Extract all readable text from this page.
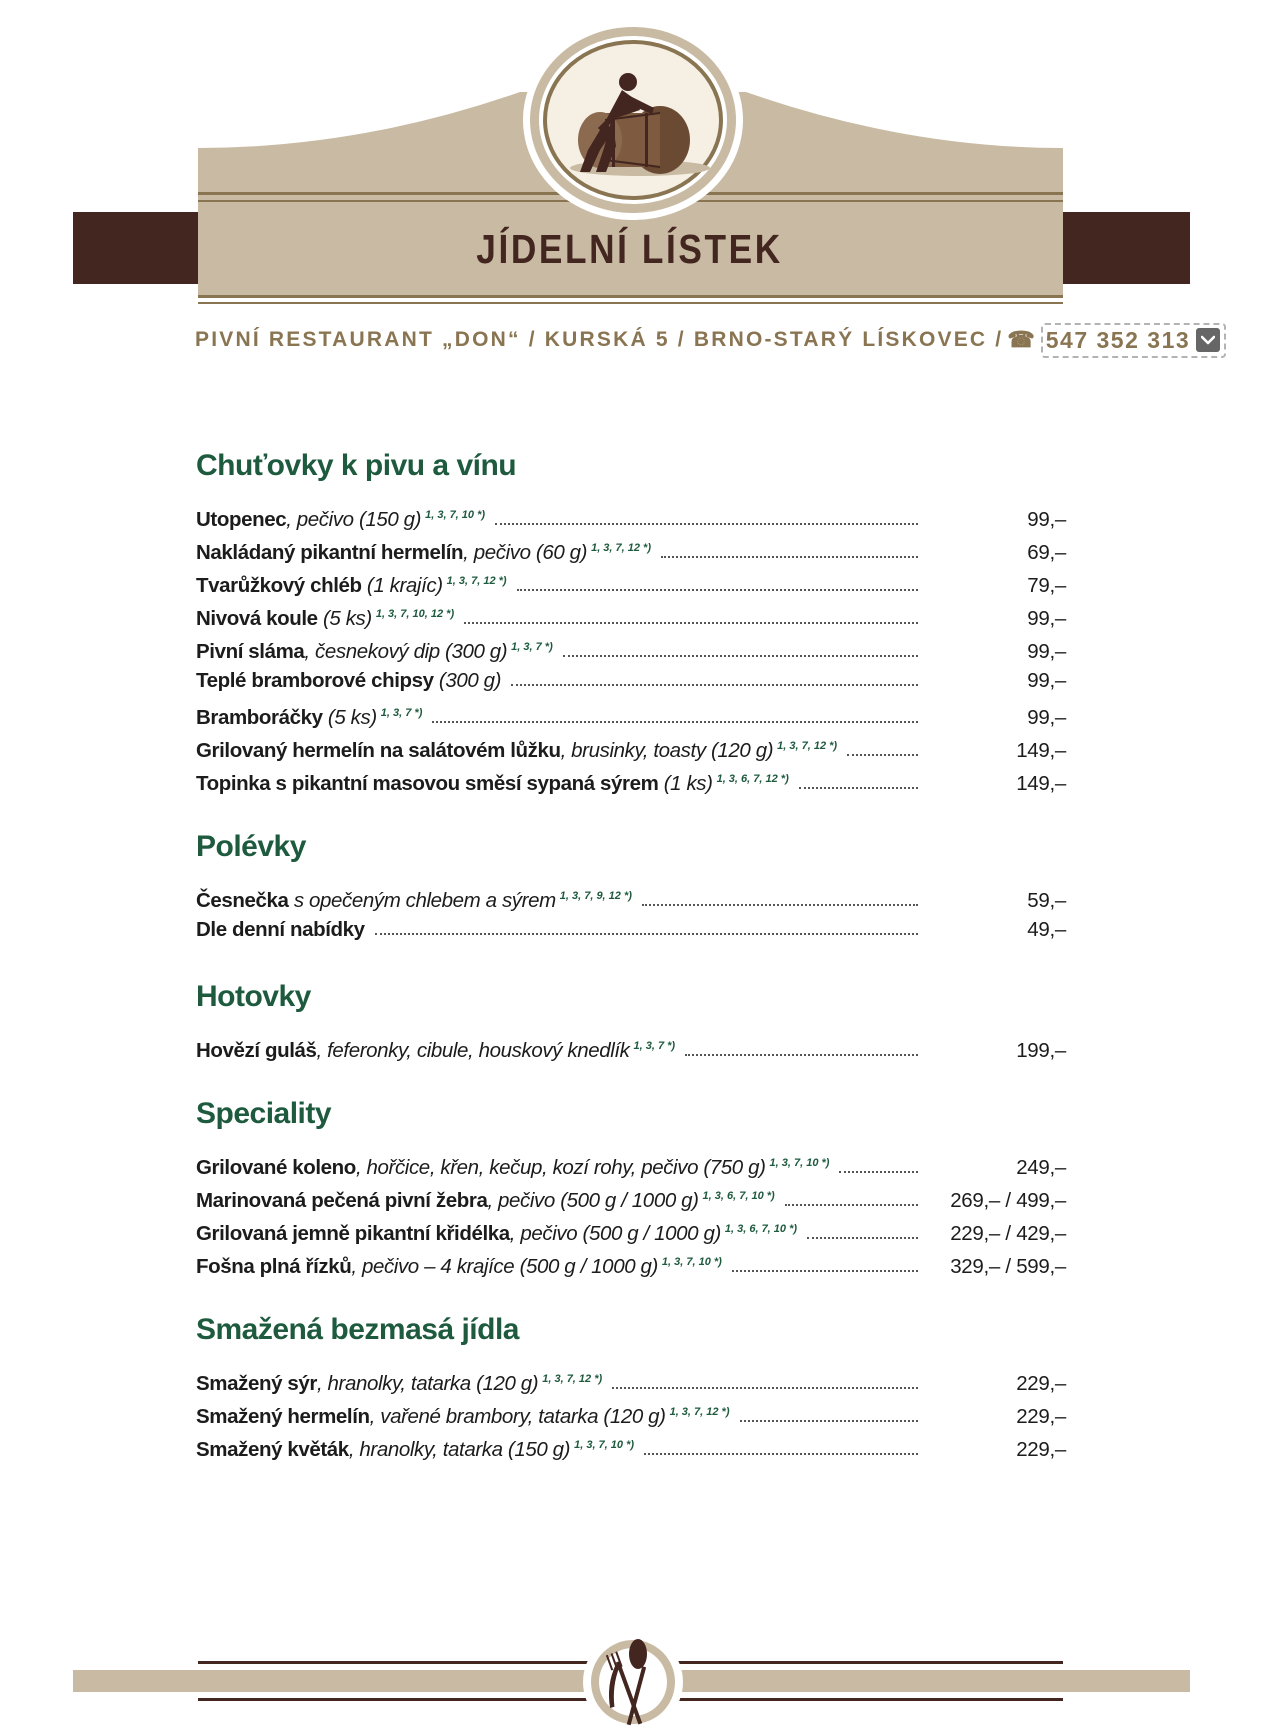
JÍDELNÍ LÍSTEK
PIVNÍ RESTAURANT „DON“ / KURSKÁ 5 / BRNO-STARÝ LÍSKOVEC / ☎ 547 352 313
Chuťovky k pivu a vínu
Utopenec, pečivo (150 g) $^{1, 3, 7, 10 *)}$	99,–
Nakládaný pikantní hermelín, pečivo (60 g) $^{1, 3, 7, 12 *)}$	69,–
Tvarůžkový chléb (1 krajíc) $^{1, 3, 7, 12 *)}$	79,–
Nivová koule (5 ks) $^{1, 3, 7, 10, 12 *)}$	99,–
Pivní sláma, česnekový dip (300 g) $^{1, 3, 7 *)}$	99,–
Teplé bramborové chipsy (300 g)	99,–
Bramboráčky (5 ks) $^{1, 3, 7 *)}$	99,–
Grilovaný hermelín na salátovém lůžku, brusinky, toasty (120 g) $^{1, 3, 7, 12 *)}$	149,–
Topinka s pikantní masovou směsí sypaná sýrem (1 ks) $^{1, 3, 6, 7, 12 *)}$	149,–
Polévky
Česnečka s opečeným chlebem a sýrem $^{1, 3, 7, 9, 12 *)}$	59,–
Dle denní nabídky	49,–
Hotovky
Hovězí guláš, feferonky, cibule, houskový knedlík $^{1, 3, 7 *)}$	199,–
Speciality
Grilované koleno, hořčice, křen, kečup, kozí rohy, pečivo (750 g) $^{1, 3, 7, 10 *)}$	249,–
Marinovaná pečená pivní žebra, pečivo (500 g / 1000 g) $^{1, 3, 6, 7, 10 *)}$	269,– / 499,–
Grilovaná jemně pikantní křidélka, pečivo (500 g / 1000 g) $^{1, 3, 6, 7, 10 *)}$	229,– / 429,–
Fošna plná řízků, pečivo – 4 krajíce (500 g / 1000 g) $^{1, 3, 7, 10 *)}$	329,– / 599,–
Smažená bezmasá jídla
Smažený sýr, hranolky, tatarka (120 g) $^{1, 3, 7, 12 *)}$	229,–
Smažený hermelín, vařené brambory, tatarka (120 g) $^{1, 3, 7, 12 *)}$	229,–
Smažený květák, hranolky, tatarka (150 g) $^{1, 3, 7, 10 *)}$	229,–
